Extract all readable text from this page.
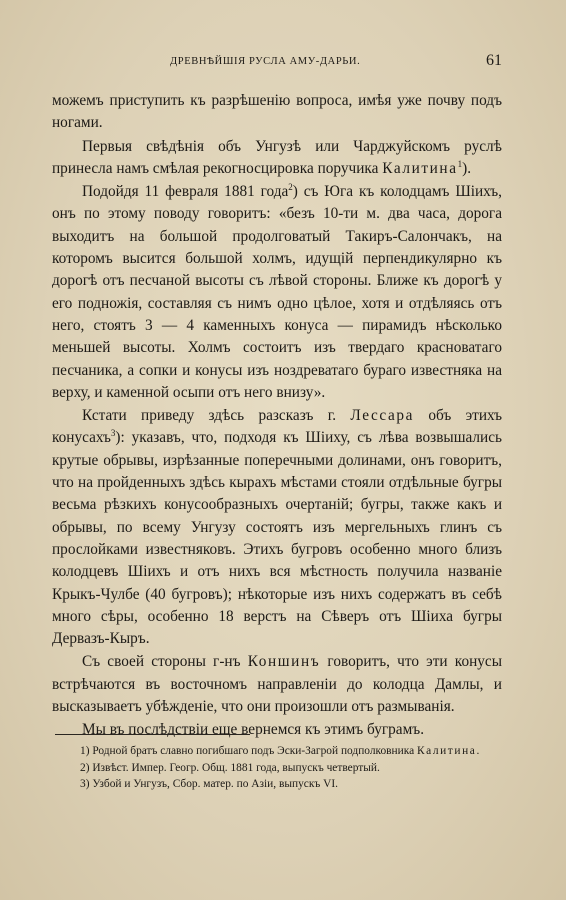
ДРЕВНѢЙШІЯ РУСЛА АМУ-ДАРЬИ.	61

можемъ приступить къ разрѣшенію вопроса, имѣя уже почву подъ ногами.

Первыя свѣдѣнія объ Унгузѣ или Чарджуйскомъ руслѣ принесла намъ смѣлая рекогносцировка поручика Калитина$^1$).

Подойдя 11 февраля 1881 года$^2$) съ Юга къ колодцамъ Шіихъ, онъ по этому поводу говоритъ: «безъ 10-ти м. два часа, дорога выходитъ на большой продолговатый Такиръ-Салончакъ, на которомъ высится большой холмъ, идущій перпендикулярно къ дорогѣ отъ песчаной высоты съ лѣвой стороны. Ближе къ дорогѣ у его подножія, составляя съ нимъ одно цѣлое, хотя и отдѣляясь отъ него, стоятъ 3 — 4 каменныхъ конуса — пирамидъ нѣсколько меньшей высоты. Холмъ состоитъ изъ твердаго красноватаго песчаника, а сопки и конусы изъ ноздреватаго бураго известняка на верху, и каменной осыпи отъ него внизу».

Кстати приведу здѣсь разсказъ г. Лессара объ этихъ конусахъ$^3$): указавъ, что, подходя къ Шіиху, съ лѣва возвышались крутые обрывы, изрѣзанные поперечными долинами, онъ говоритъ, что на пройденныхъ здѣсь кырахъ мѣстами стояли отдѣльные бугры весьма рѣзкихъ конусообразныхъ очертаній; бугры, также какъ и обрывы, по всему Унгузу состоятъ изъ мергельныхъ глинъ съ прослойками известняковъ. Этихъ бугровъ особенно много близъ колодцевъ Шіихъ и отъ нихъ вся мѣстность получила названіе Крыкъ-Чулбе (40 бугровъ); нѣкоторые изъ нихъ содержатъ въ себѣ много сѣры, особенно 18 верстъ на Сѣверъ отъ Шіиха бугры Дервазъ-Кыръ.

Съ своей стороны г-нъ Коншинъ говоритъ, что эти конусы встрѣчаются въ восточномъ направленіи до колодца Дамлы, и высказываетъ убѣжденіе, что они произошли отъ размыванія.

Мы въ послѣдствіи еще вернемся къ этимъ буграмъ.

1) Родной братъ славно погибшаго подъ Эски-Загрой подполковника Калитина.

2) Извѣст. Импер. Геогр. Общ. 1881 года, выпускъ четвертый.

3) Узбой и Унгузъ, Сбор. матер. по Азіи, выпускъ VI.
